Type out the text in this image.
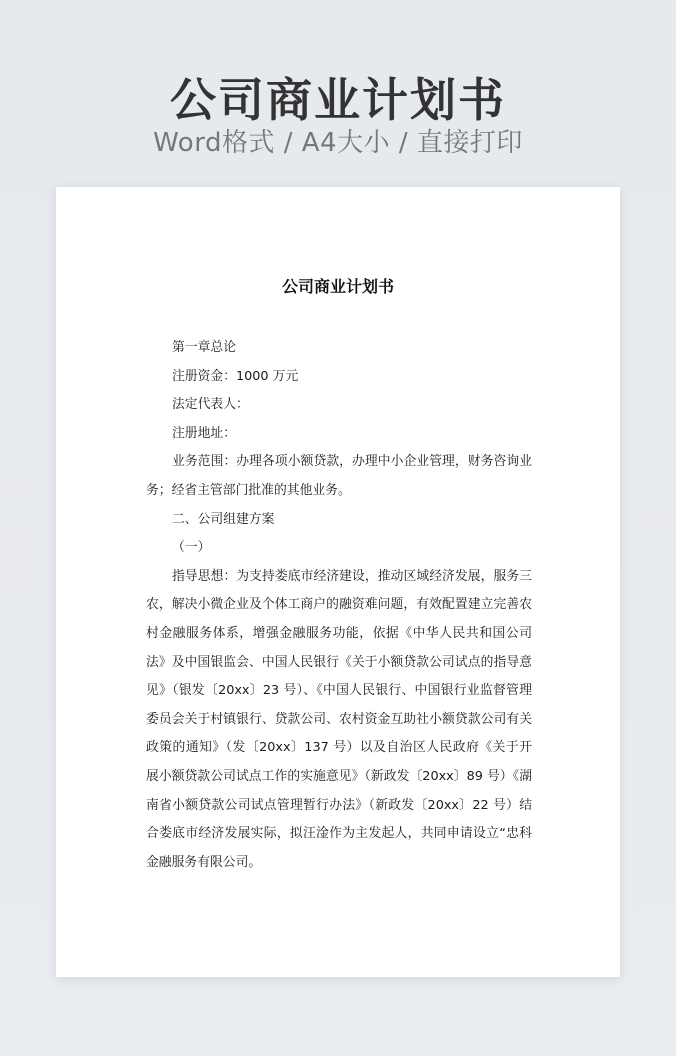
公司商业计划书
Word格式 / A4大小 / 直接打印
公司商业计划书

第一章总论

注册资金：1000 万元

法定代表人：

注册地址：

业务范围：办理各项小额贷款，办理中小企业管理，财务咨询业务；经省主管部门批准的其他业务。

二、公司组建方案

（一）

指导思想：为支持娄底市经济建设，推动区域经济发展，服务三农，解决小微企业及个体工商户的融资难问题，有效配置建立完善农村金融服务体系，增强金融服务功能，依据《中华人民共和国公司法》及中国银监会、中国人民银行《关于小额贷款公司试点的指导意见》（银发〔20xx〕23 号）、《中国人民银行、中国银行业监督管理委员会关于村镇银行、贷款公司、农村资金互助社小额贷款公司有关政策的通知》（发〔20xx〕137 号）以及自治区人民政府《关于开展小额贷款公司试点工作的实施意见》（新政发〔20xx〕89 号）《湖南省小额贷款公司试点管理暂行办法》（新政发〔20xx〕22 号）结合娄底市经济发展实际，拟汪淦作为主发起人，共同申请设立“忠科金融服务有限公司。
